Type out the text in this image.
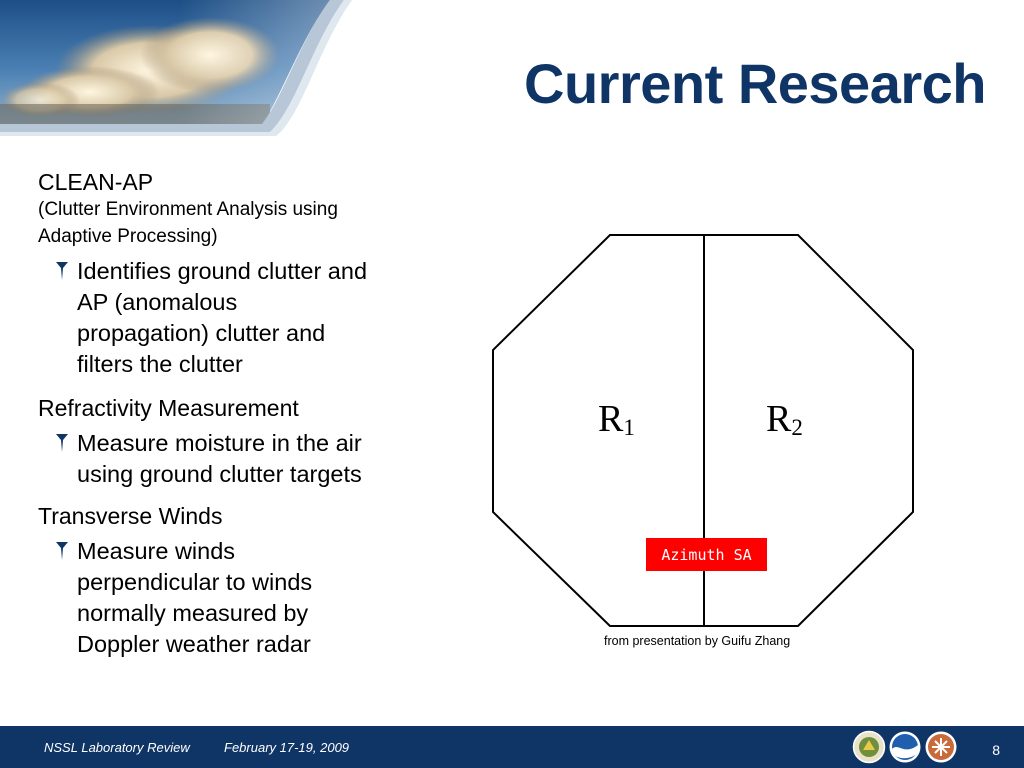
Current Research
CLEAN-AP
(Clutter Environment Analysis using Adaptive Processing)
Identifies ground clutter and AP (anomalous propagation) clutter and filters the clutter
Refractivity Measurement
Measure moisture in the air using ground clutter targets
Transverse Winds
Measure winds perpendicular to winds normally measured by Doppler weather radar
$R_1$	$R_2$
Azimuth SA
from presentation by Guifu Zhang
NSSL Laboratory Review	February 17-19, 2009	8
